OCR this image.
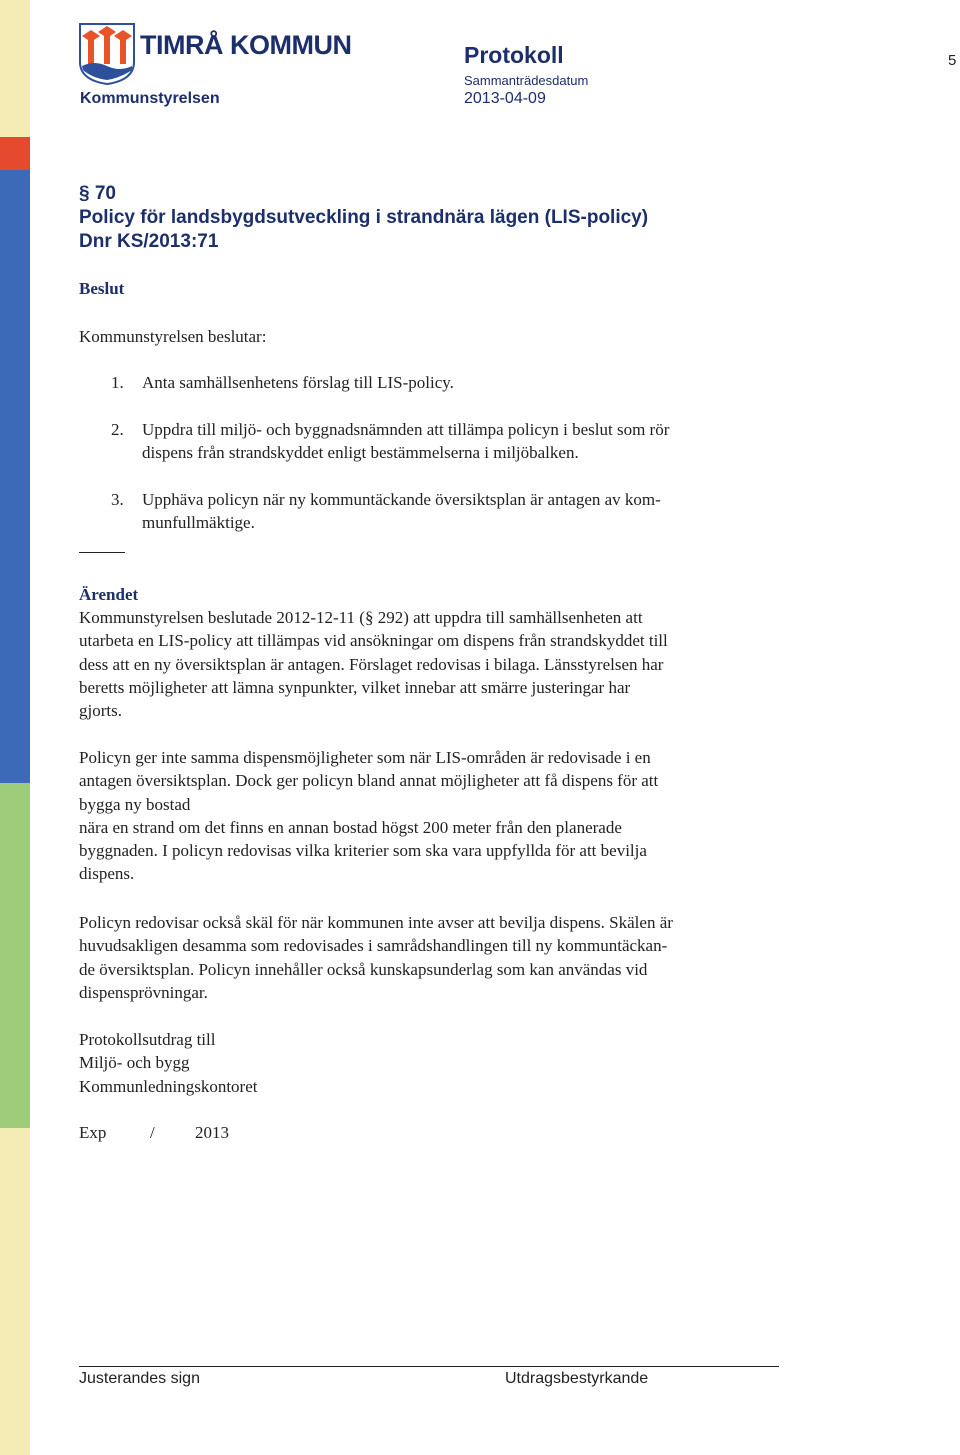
TIMRÅ KOMMUN
Kommunstyrelsen
Protokoll
Sammanträdesdatum
2013-04-09
5
§ 70
Policy för landsbygdsutveckling i strandnära lägen (LIS-policy)
Dnr KS/2013:71
Beslut
Kommunstyrelsen beslutar:
1.	Anta samhällsenhetens förslag till LIS-policy.
2.	Uppdra till miljö- och byggnadsnämnden att tillämpa policyn i beslut som rör
dispens från strandskyddet enligt bestämmelserna i miljöbalken.
3.	Upphäva policyn när ny kommuntäckande översiktsplan är antagen av kom-
munfullmäktige.
Ärendet
Kommunstyrelsen beslutade 2012-12-11 (§ 292) att uppdra till samhällsenheten att
utarbeta en LIS-policy att tillämpas vid ansökningar om dispens från strandskyddet till
dess att en ny översiktsplan är antagen. Förslaget redovisas i bilaga. Länsstyrelsen har
beretts möjligheter att lämna synpunkter, vilket innebar att smärre justeringar har
gjorts.
Policyn ger inte samma dispensmöjligheter som när LIS-områden är redovisade i en
antagen översiktsplan. Dock ger policyn bland annat möjligheter att få dispens för att
bygga ny bostad
nära en strand om det finns en annan bostad högst 200 meter från den planerade
byggnaden. I policyn redovisas vilka kriterier som ska vara uppfyllda för att bevilja
dispens.
Policyn redovisar också skäl för när kommunen inte avser att bevilja dispens. Skälen är
huvudsakligen desamma som redovisades i samrådshandlingen till ny kommuntäckan-
de översiktsplan. Policyn innehåller också kunskapsunderlag som kan användas vid
dispensprövningar.
Protokollsutdrag till
Miljö- och bygg
Kommunledningskontoret
Exp	/ 2013
Justerandes sign	Utdragsbestyrkande
